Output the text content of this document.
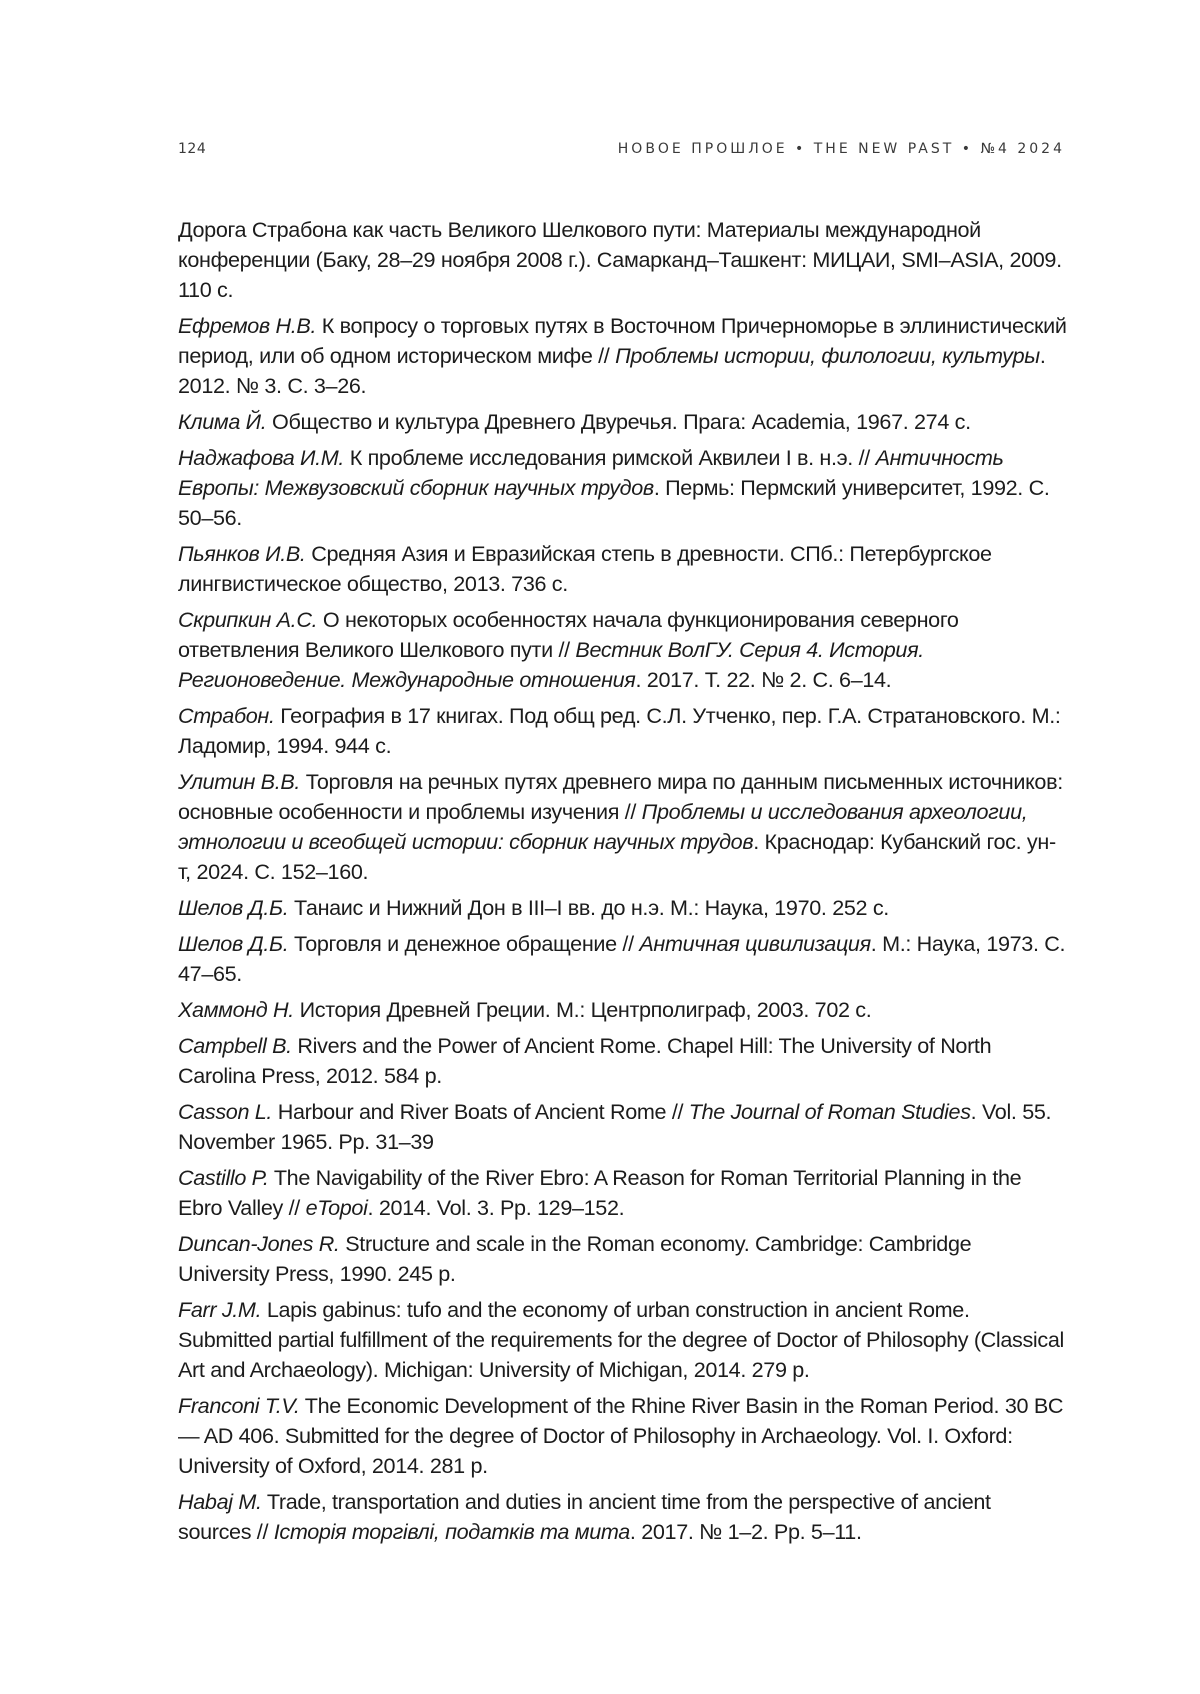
124	НОВОЕ ПРОШЛОЕ • THE NEW PAST • №4 2024
Дорога Страбона как часть Великого Шелкового пути: Материалы международной конференции (Баку, 28–29 ноября 2008 г.). Самарканд–Ташкент: МИЦАИ, SMI–ASIA, 2009. 110 с.
Ефремов Н.В. К вопросу о торговых путях в Восточном Причерноморье в эллинистический период, или об одном историческом мифе // Проблемы истории, филологии, культуры. 2012. № 3. С. 3–26.
Клима Й. Общество и культура Древнего Двуречья. Прага: Academia, 1967. 274 с.
Наджафова И.М. К проблеме исследования римской Аквилеи I в. н.э. // Античность Европы: Межвузовский сборник научных трудов. Пермь: Пермский университет, 1992. С. 50–56.
Пьянков И.В. Средняя Азия и Евразийская степь в древности. СПб.: Петербургское лингвистическое общество, 2013. 736 с.
Скрипкин А.С. О некоторых особенностях начала функционирования северного ответвления Великого Шелкового пути // Вестник ВолГУ. Серия 4. История. Регионоведение. Международные отношения. 2017. Т. 22. № 2. С. 6–14.
Страбон. География в 17 книгах. Под общ ред. С.Л. Утченко, пер. Г.А. Стратановского. М.: Ладомир, 1994. 944 с.
Улитин В.В. Торговля на речных путях древнего мира по данным письменных источников: основные особенности и проблемы изучения // Проблемы и исследования археологии, этнологии и всеобщей истории: сборник научных трудов. Краснодар: Кубанский гос. ун-т, 2024. С. 152–160.
Шелов Д.Б. Танаис и Нижний Дон в III–I вв. до н.э. М.: Наука, 1970. 252 с.
Шелов Д.Б. Торговля и денежное обращение // Античная цивилизация. М.: Наука, 1973. С. 47–65.
Хаммонд Н. История Древней Греции. М.: Центрполиграф, 2003. 702 с.
Campbell B. Rivers and the Power of Ancient Rome. Chapel Hill: The University of North Carolina Press, 2012. 584 p.
Casson L. Harbour and River Boats of Ancient Rome // The Journal of Roman Studies. Vol. 55. November 1965. Pp. 31–39
Castillo P. The Navigability of the River Ebro: A Reason for Roman Territorial Planning in the Ebro Valley // eTopoi. 2014. Vol. 3. Pp. 129–152.
Duncan-Jones R. Structure and scale in the Roman economy. Cambridge: Cambridge University Press, 1990. 245 p.
Farr J.M. Lapis gabinus: tufo and the economy of urban construction in ancient Rome. Submitted partial fulfillment of the requirements for the degree of Doctor of Philosophy (Classical Art and Archaeology). Michigan: University of Michigan, 2014. 279 p.
Franconi T.V. The Economic Development of the Rhine River Basin in the Roman Period. 30 BC — AD 406. Submitted for the degree of Doctor of Philosophy in Archaeology. Vol. I. Oxford: University of Oxford, 2014. 281 p.
Habaj M. Trade, transportation and duties in ancient time from the perspective of ancient sources // Історія торгівлі, податків та мита. 2017. № 1–2. Pp. 5–11.
